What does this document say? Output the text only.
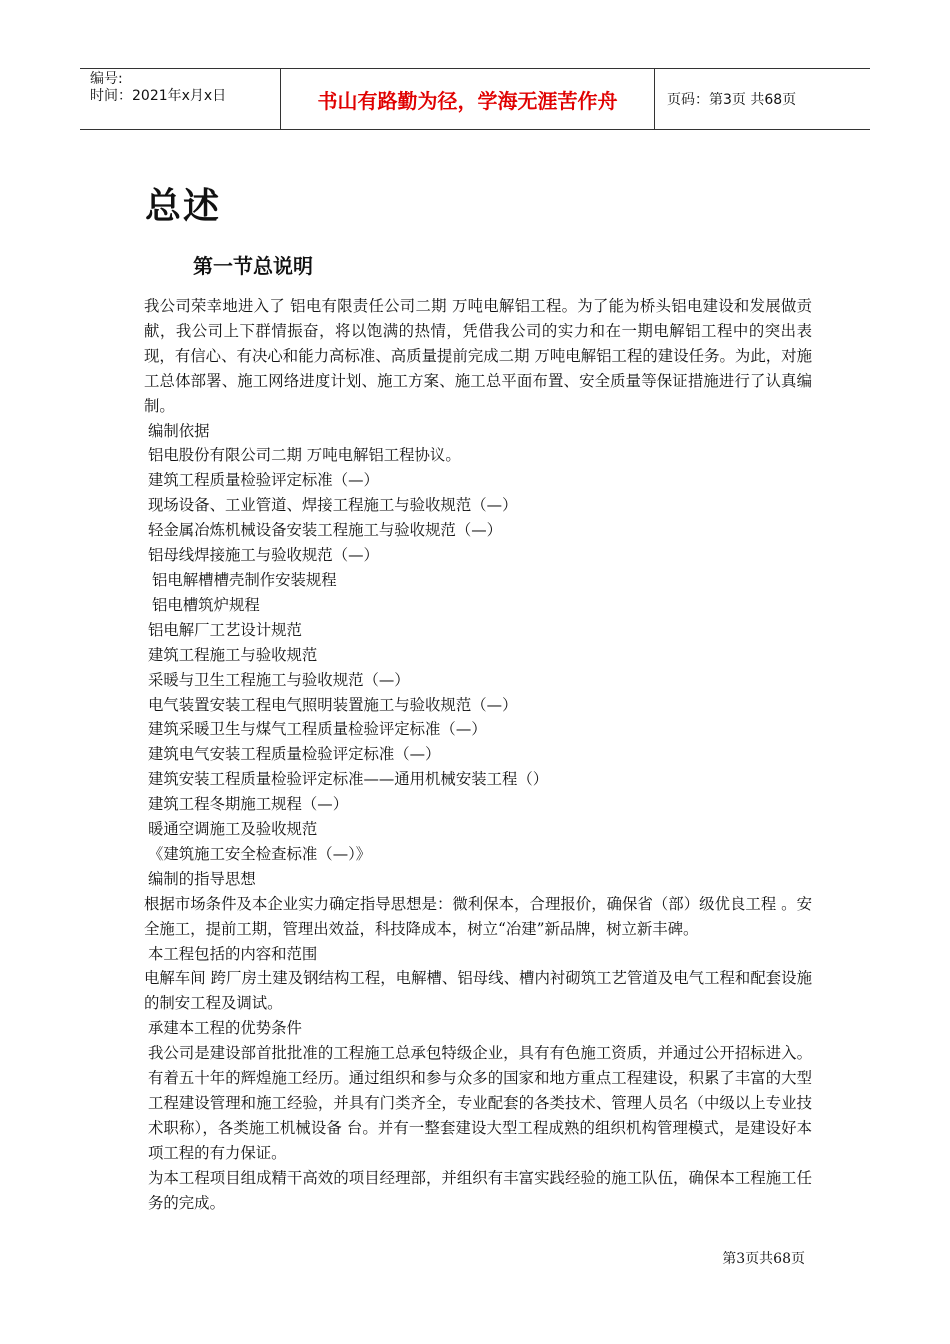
编号:
时间：2021年x月x日	书山有路勤为径，学海无涯苦作舟	页码：第3页 共68页
总述
第一节总说明

我公司荣幸地进入了 铝电有限责任公司二期 万吨电解铝工程。为了能为桥头铝电建设和发展做贡献，我公司上下群情振奋，将以饱满的热情，凭借我公司的实力和在一期电解铝工程中的突出表现，有信心、有决心和能力高标准、高质量提前完成二期 万吨电解铝工程的建设任务。为此，对施工总体部署、施工网络进度计划、施工方案、施工总平面布置、安全质量等保证措施进行了认真编制。

编制依据

铝电股份有限公司二期 万吨电解铝工程协议。

建筑工程质量检验评定标准（—）

现场设备、工业管道、焊接工程施工与验收规范（—）

轻金属冶炼机械设备安装工程施工与验收规范（—）

铝母线焊接施工与验收规范（—）

铝电解槽槽壳制作安装规程

铝电槽筑炉规程

铝电解厂工艺设计规范

建筑工程施工与验收规范

采暖与卫生工程施工与验收规范（—）

电气装置安装工程电气照明装置施工与验收规范（—）

建筑采暖卫生与煤气工程质量检验评定标准（—）

建筑电气安装工程质量检验评定标准（—）

建筑安装工程质量检验评定标准——通用机械安装工程（）

建筑工程冬期施工规程（—）

暖通空调施工及验收规范

《建筑施工安全检查标准（—）》

编制的指导思想

根据市场条件及本企业实力确定指导思想是：微利保本，合理报价，确保省（部）级优良工程 。安全施工，提前工期，管理出效益，科技降成本，树立“冶建”新品牌，树立新丰碑。

本工程包括的内容和范围

电解车间 跨厂房土建及钢结构工程，电解槽、铝母线、槽内衬砌筑工艺管道及电气工程和配套设施的制安工程及调试。

承建本工程的优势条件

我公司是建设部首批批准的工程施工总承包特级企业，具有有色施工资质，并通过公开招标进入。有着五十年的辉煌施工经历。通过组织和参与众多的国家和地方重点工程建设，积累了丰富的大型工程建设管理和施工经验，并具有门类齐全，专业配套的各类技术、管理人员名（中级以上专业技术职称），各类施工机械设备 台。并有一整套建设大型工程成熟的组织机构管理模式，是建设好本项工程的有力保证。

为本工程项目组成精干高效的项目经理部，并组织有丰富实践经验的施工队伍，确保本工程施工任务的完成。

第3页共68页
